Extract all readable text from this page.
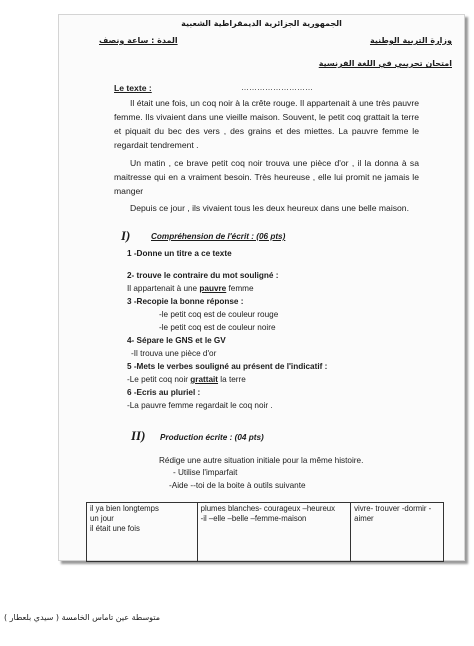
الجمهورية الجزائرية الديمقراطية الشعبية
وزارة التربية الوطنية
المدة : ساعة ونصف
امتحان تجريبي في اللغة الفرنسية
Le texte :	………………………
Il était une fois, un coq noir à la crête rouge. Il appartenait à une très pauvre femme. Ils vivaient dans une vieille maison. Souvent, le petit coq grattait la terre et piquait du bec des vers , des grains et des miettes. La pauvre femme le regardait tendrement .
Un matin , ce brave petit coq noir trouva une pièce d'or , il la donna à sa maitresse qui en a vraiment besoin. Très heureuse , elle lui promit ne jamais le manger
Depuis ce jour , ils vivaient tous les deux heureux dans une belle maison.
I)	Compréhension de l'écrit : (06 pts)
1 -Donne un titre a ce texte
2- trouve le contraire du mot souligné :
Il appartenait à une pauvre femme
3 -Recopie la bonne réponse :
-le petit coq est de couleur rouge
-le petit coq est de couleur noire
4- Sépare le GNS et le GV
-Il trouva une pièce d'or
5 -Mets le verbes souligné au présent de l'indicatif :
-Le petit coq noir grattait la terre
6 -Ecris au pluriel :
-La pauvre femme regardait le coq noir .
II) Production écrite : (04 pts)
Rédige une autre situation initiale pour la même histoire.
- Utilise l'imparfait
-Aide --toi de la boite à outils suivante
il ya bien longtemps
un jour
il était une fois

plumes blanches- courageux –heureux
-il –elle –belle –femme-maison

vivre- trouver -dormir -
aimer
متوسطة عين تاماس الخامسة ( سيدي بلعطار )
